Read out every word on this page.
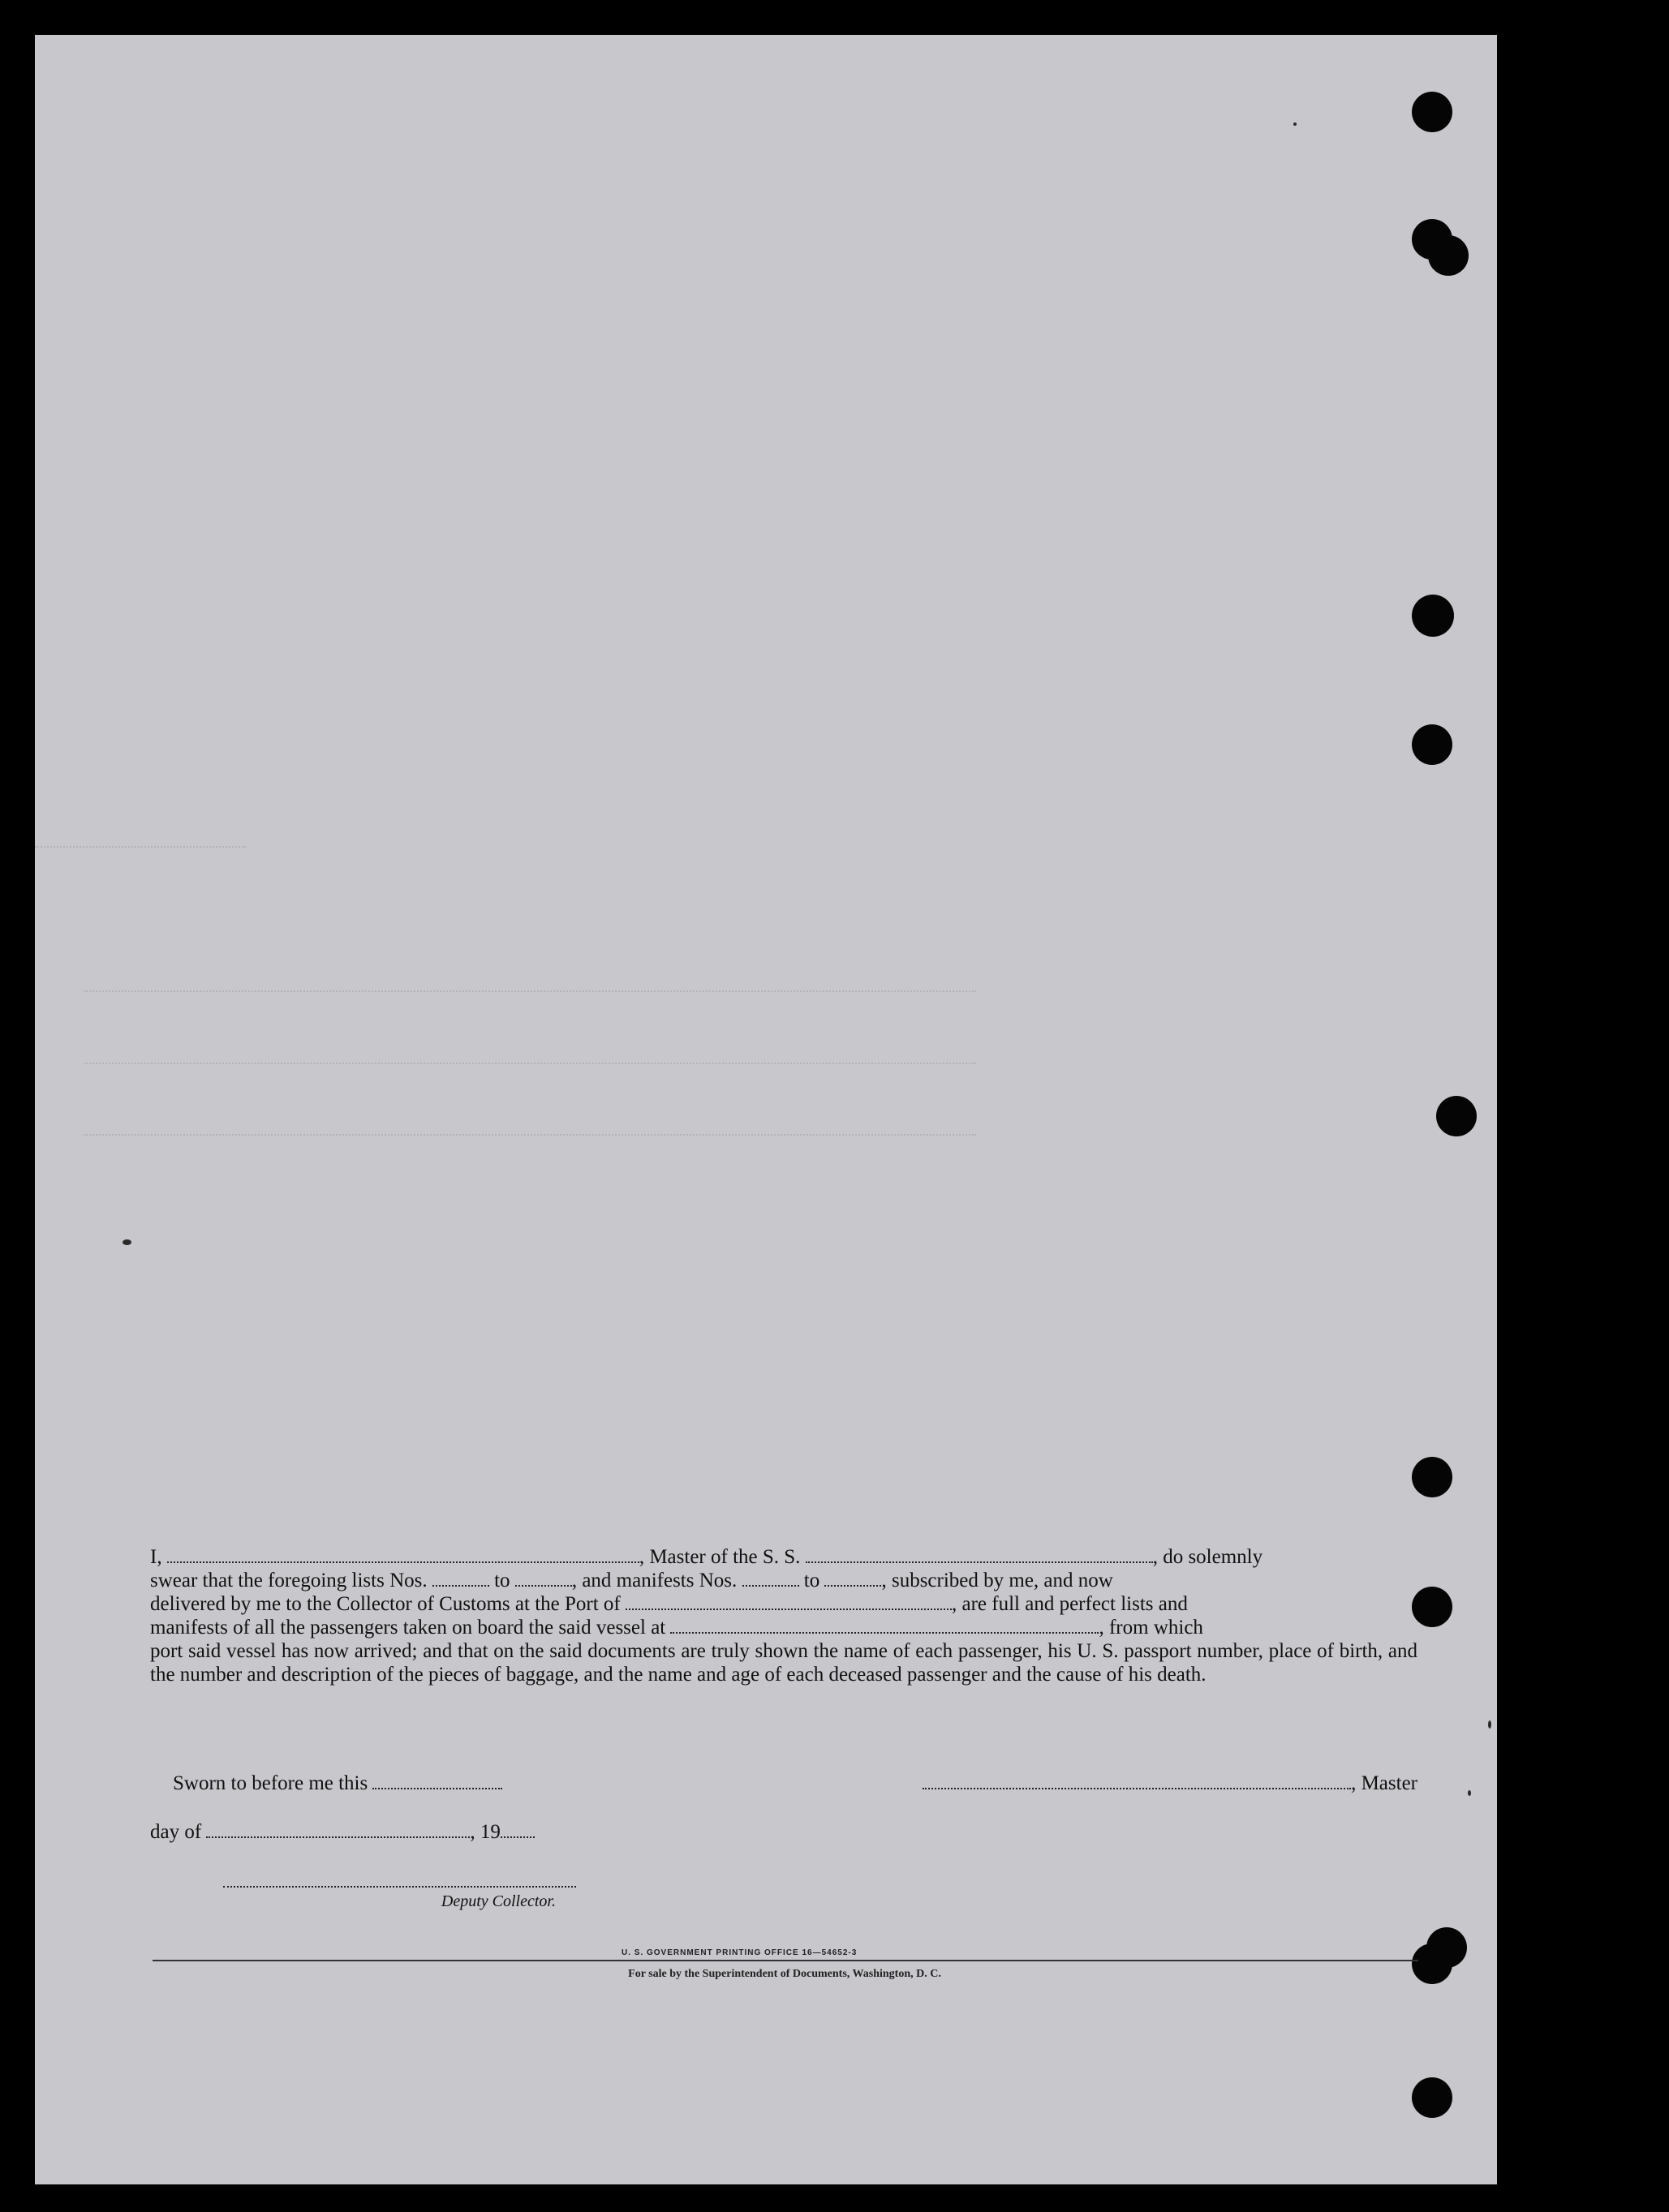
I,	, Master of the S. S.	, do solemnly

swear that the foregoing lists Nos.	to	, and manifests Nos.	to	, subscribed by me, and now

delivered by me to the Collector of Customs at the Port of	, are full and perfect lists and

manifests of all the passengers taken on board the said vessel at	, from which

port said vessel has now arrived; and that on the said documents are truly shown the name of each passenger, his U. S. passport number, place of birth, and the number and description of the pieces of baggage, and the name and age of each deceased passenger and the cause of his death.

Sworn to before me this	, Master
day of	, 19
Deputy Collector.
U. S. GOVERNMENT PRINTING OFFICE 16—54652-3
For sale by the Superintendent of Documents, Washington, D. C.
